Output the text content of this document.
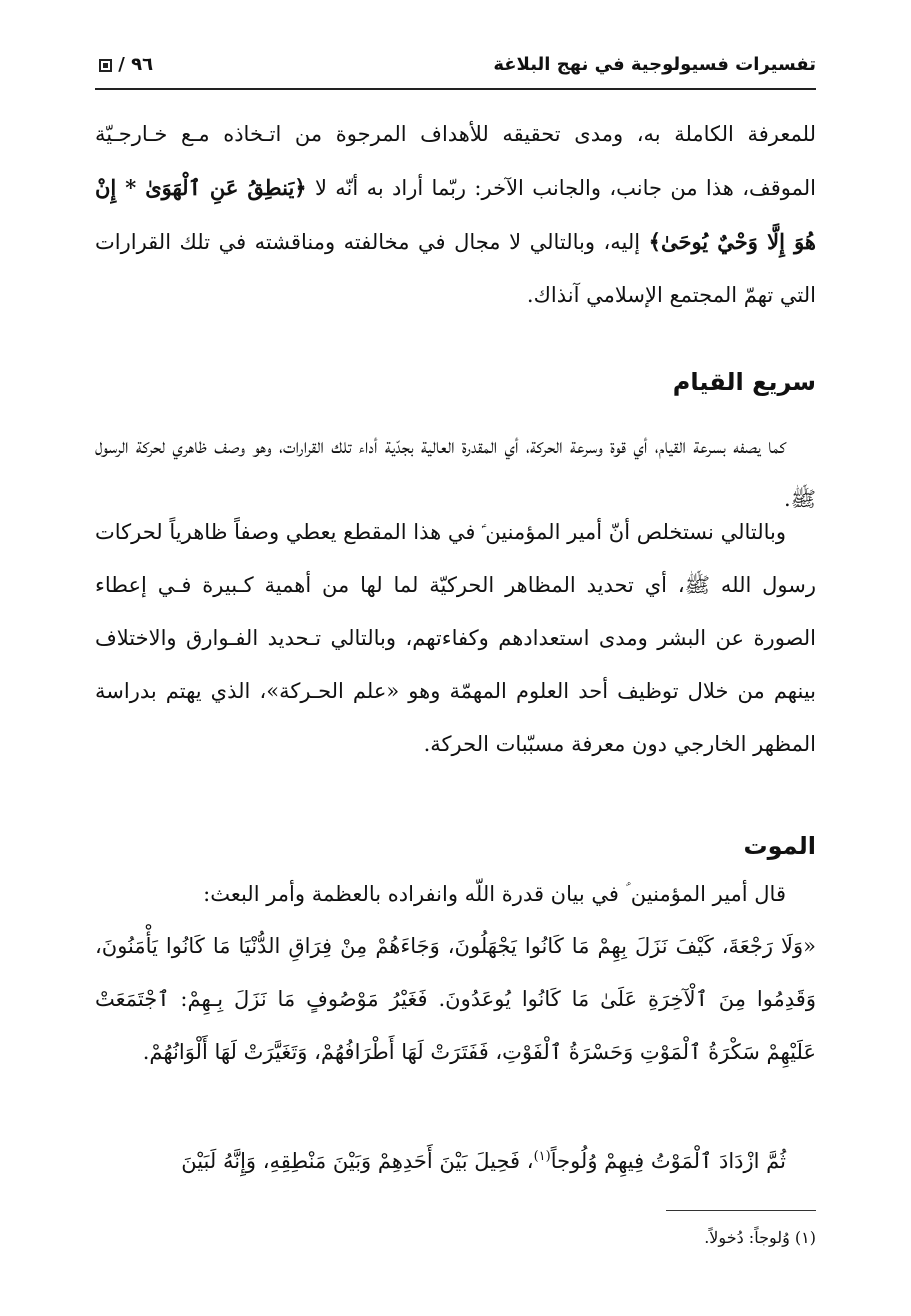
تفسيرات فسيولوجية في نهج البلاغة
٩٦ /
للمعرفة الكاملة به، ومدى تحقيقه للأهداف المرجوة من اتـخاذه مـع خـارجـيّة الموقف، هذا من جانب، والجانب الآخر: ربّما أراد به أنّه لا ﴿يَنطِقُ عَنِ ٱلْهَوَىٰ * إِنْ هُوَ إِلَّا وَحْيٌ يُوحَىٰ﴾ إليه، وبالتالي لا مجال في مخالفته ومناقشته في تلك القرارات التي تهمّ المجتمع الإسلامي آنذاك.
سريع القيام
كما يصفه بسرعة القيام، أي قوة وسرعة الحركة، أي المقدرة العالية بجدّية أداء تلك القرارات، وهو وصف ظاهري لحركة الرسول ﷺ.
وبالتالي نستخلص أنّ أمير المؤمنين ؑ في هذا المقطع يعطي وصفاً ظاهرياً لحركات رسول الله ﷺ، أي تحديد المظاهر الحركيّة لما لها من أهمية كـبيرة فـي إعطاء الصورة عن البشر ومدى استعدادهم وكفاءتهم، وبالتالي تـحديد الفـوارق والاختلاف بينهم من خلال توظيف أحد العلوم المهمّة وهو «علم الحـركة»، الذي يهتم بدراسة المظهر الخارجي دون معرفة مسبّبات الحركة.
الموت
قال أمير المؤمنين ؑ في بيان قدرة اللّه وانفراده بالعظمة وأمر البعث:
«وَلَا رَجْعَةَ، كَيْفَ نَزَلَ بِهِمْ مَا كَانُوا يَجْهَلُونَ، وَجَاءَهُمْ مِنْ فِرَاقِ الدُّنْيَا مَا كَانُوا يَأْمَنُونَ، وَقَدِمُوا مِنَ ٱلْآخِرَةِ عَلَىٰ مَا كَانُوا يُوعَدُونَ. فَغَيْرُ مَوْصُوفٍ مَا نَزَلَ بِـهِمْ: ٱجْتَمَعَتْ عَلَيْهِمْ سَكْرَةُ ٱلْمَوْتِ وَحَسْرَةُ ٱلْفَوْتِ، فَفَتَرَتْ لَهَا أَطْرَافُهُمْ، وَتَغَيَّرَتْ لَهَا أَلْوَانُهُمْ.
ثُمَّ ازْدَادَ ٱلْمَوْتُ فِيهِمْ وُلُوجاً$^{(١)}$، فَحِيلَ بَيْنَ أَحَدِهِمْ وَبَيْنَ مَنْطِقِهِ، وَإِنَّهُ لَبَيْنَ
(١) وُلوجاً: دُخولاً.
